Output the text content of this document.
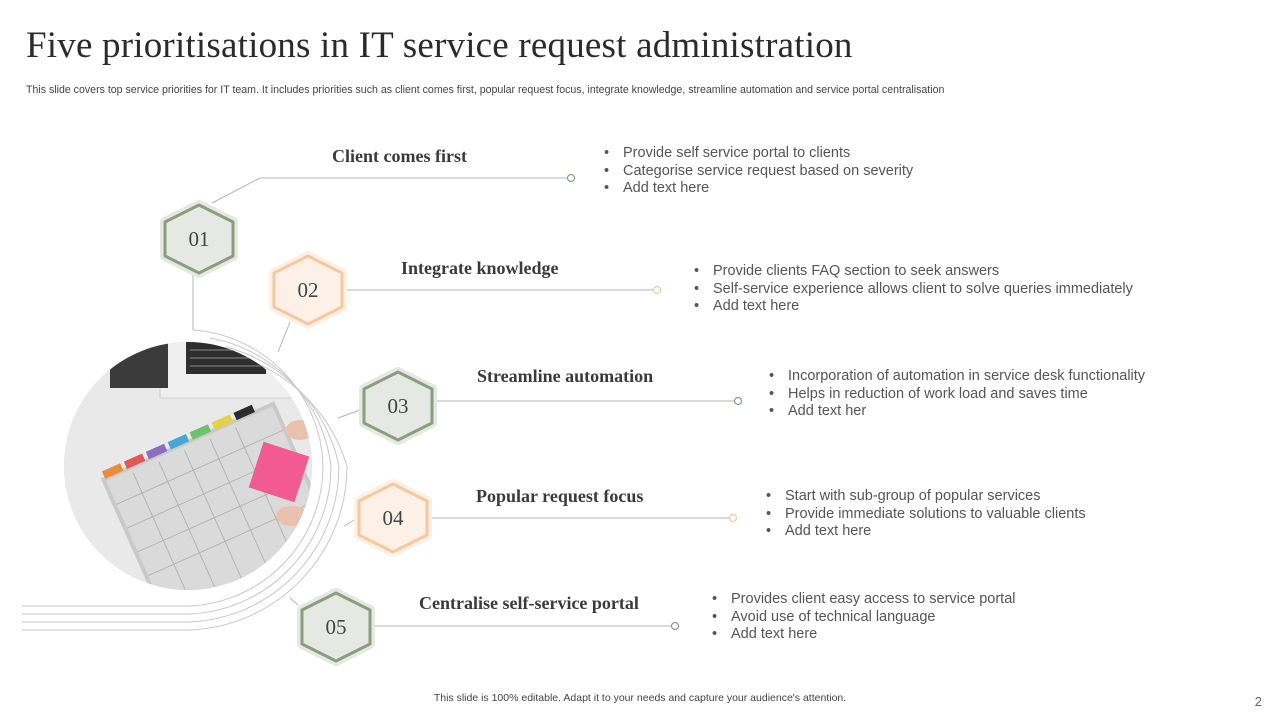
Five prioritisations in IT service request administration

This slide covers top service priorities for IT team. It includes priorities such as client comes first, popular request focus, integrate knowledge, streamline automation and service portal centralisation

01
02
03
04
05
Client comes first
Integrate knowledge
Streamline automation
Popular request focus
Centralise self-service portal
• Provide self service portal to clients
• Categorise service request based on severity
• Add text here
• Provide clients FAQ section to seek answers
• Self-service experience allows client to solve queries immediately
• Add text here
• Incorporation of automation in service desk functionality
• Helps in reduction of work load and saves time
• Add text her
• Start with sub-group of popular services
• Provide immediate solutions to valuable clients
• Add text here
• Provides client easy access to service portal
• Avoid use of technical language
• Add text here

This slide is 100% editable. Adapt it to your needs and capture your audience's attention.	2
